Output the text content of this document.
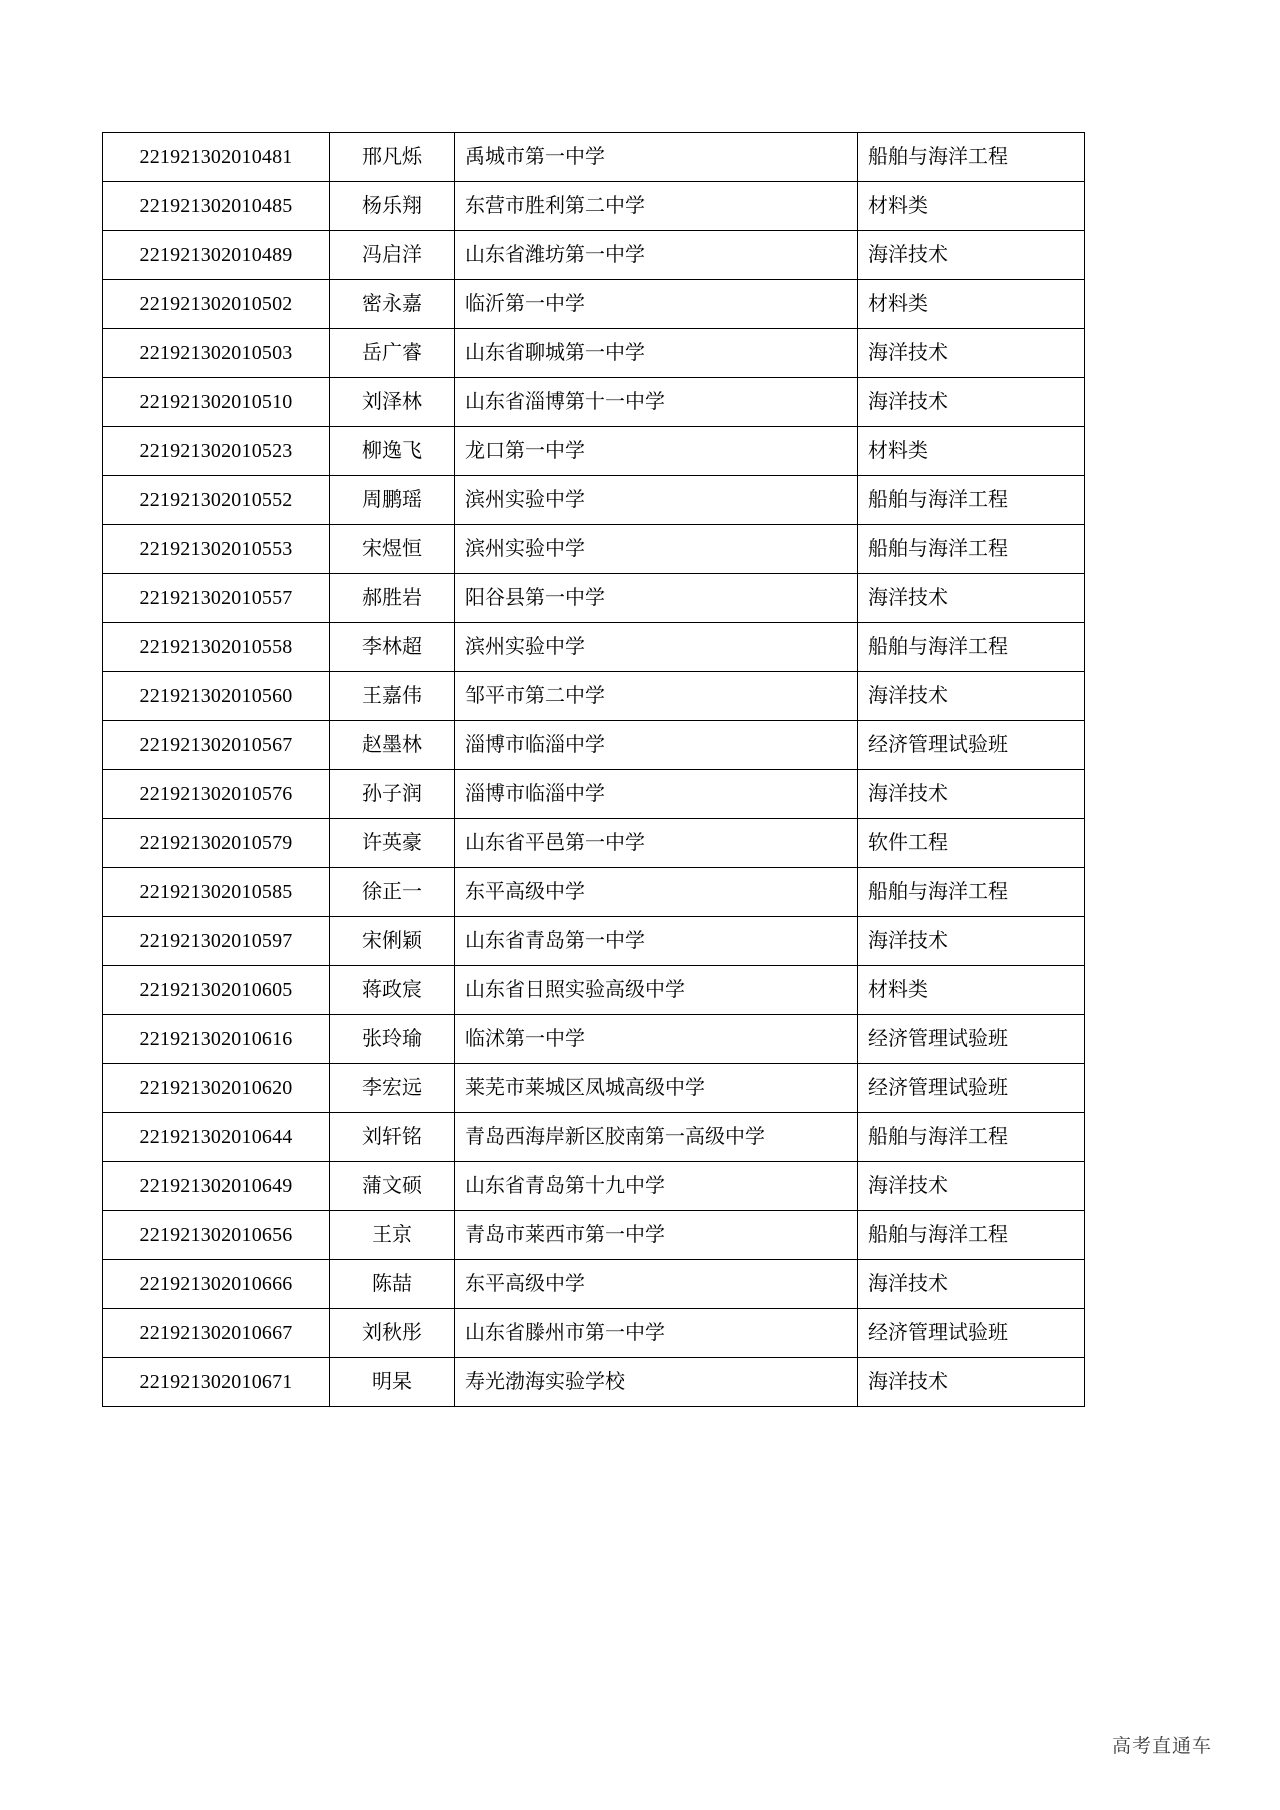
221921302010481	邢凡烁	禹城市第一中学	船舶与海洋工程
221921302010485	杨乐翔	东营市胜利第二中学	材料类
221921302010489	冯启洋	山东省潍坊第一中学	海洋技术
221921302010502	密永嘉	临沂第一中学	材料类
221921302010503	岳广睿	山东省聊城第一中学	海洋技术
221921302010510	刘泽林	山东省淄博第十一中学	海洋技术
221921302010523	柳逸飞	龙口第一中学	材料类
221921302010552	周鹏瑶	滨州实验中学	船舶与海洋工程
221921302010553	宋煜恒	滨州实验中学	船舶与海洋工程
221921302010557	郝胜岩	阳谷县第一中学	海洋技术
221921302010558	李林超	滨州实验中学	船舶与海洋工程
221921302010560	王嘉伟	邹平市第二中学	海洋技术
221921302010567	赵墨林	淄博市临淄中学	经济管理试验班
221921302010576	孙子润	淄博市临淄中学	海洋技术
221921302010579	许英豪	山东省平邑第一中学	软件工程
221921302010585	徐正一	东平高级中学	船舶与海洋工程
221921302010597	宋俐颖	山东省青岛第一中学	海洋技术
221921302010605	蒋政宸	山东省日照实验高级中学	材料类
221921302010616	张玲瑜	临沭第一中学	经济管理试验班
221921302010620	李宏远	莱芜市莱城区凤城高级中学	经济管理试验班
221921302010644	刘轩铭	青岛西海岸新区胶南第一高级中学	船舶与海洋工程
221921302010649	蒲文硕	山东省青岛第十九中学	海洋技术
221921302010656	王京	青岛市莱西市第一中学	船舶与海洋工程
221921302010666	陈喆	东平高级中学	海洋技术
221921302010667	刘秋彤	山东省滕州市第一中学	经济管理试验班
221921302010671	明杲	寿光渤海实验学校	海洋技术
高考直通车
